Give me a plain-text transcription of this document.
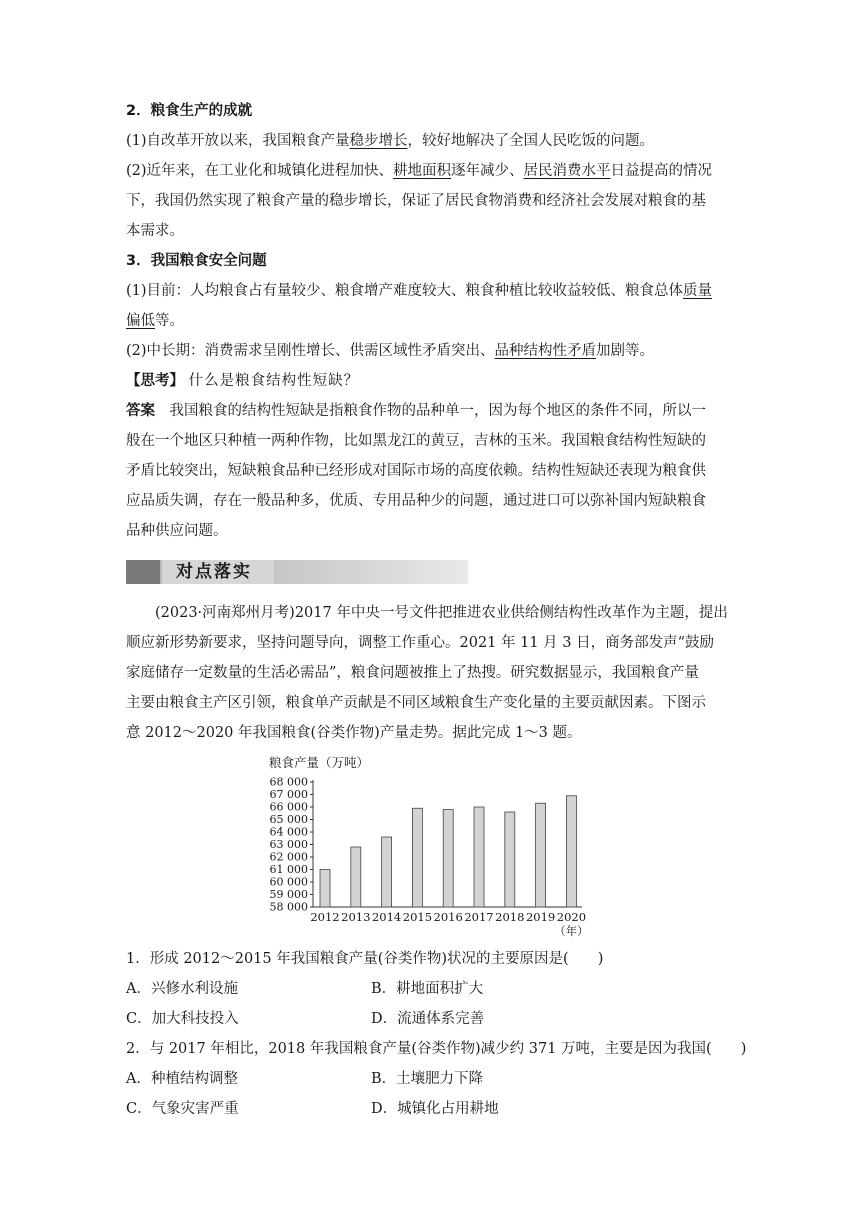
2．粮食生产的成就
(1)自改革开放以来，我国粮食产量稳步增长，较好地解决了全国人民吃饭的问题。
(2)近年来，在工业化和城镇化进程加快、耕地面积逐年减少、居民消费水平日益提高的情况
下，我国仍然实现了粮食产量的稳步增长，保证了居民食物消费和经济社会发展对粮食的基
本需求。
3．我国粮食安全问题
(1)目前：人均粮食占有量较少、粮食增产难度较大、粮食种植比较收益较低、粮食总体质量
偏低等。
(2)中长期：消费需求呈刚性增长、供需区域性矛盾突出、品种结构性矛盾加剧等。
【思考】 什么是粮食结构性短缺？
答案　 我国粮食的结构性短缺是指粮食作物的品种单一，因为每个地区的条件不同，所以一
般在一个地区只种植一两种作物，比如黑龙江的黄豆，吉林的玉米。我国粮食结构性短缺的
矛盾比较突出，短缺粮食品种已经形成对国际市场的高度依赖。结构性短缺还表现为粮食供
应品质失调，存在一般品种多，优质、专用品种少的问题，通过进口可以弥补国内短缺粮食
品种供应问题。
对点落实
(2023·河南郑州月考)2017 年中央一号文件把推进农业供给侧结构性改革作为主题，提出
顺应新形势新要求，坚持问题导向，调整工作重心。2021 年 11 月 3 日，商务部发声“鼓励
家庭储存一定数量的生活必需品”，粮食问题被推上了热搜。研究数据显示，我国粮食产量
主要由粮食主产区引领，粮食单产贡献是不同区域粮食生产变化量的主要贡献因素。下图示
意 2012～2020 年我国粮食(谷类作物)产量走势。据此完成 1～3 题。
粮食产量（万吨）
58 000
59 000
60 000
61 000
62 000
63 000
64 000
65 000
66 000
67 000
68 000
2012 2013 2014 2015 2016 2017 2018 2019 2020
（年）
1．形成 2012～2015 年我国粮食产量(谷类作物)状况的主要原因是(　　)
A．兴修水利设施	B．耕地面积扩大
C．加大科技投入	D．流通体系完善
2．与 2017 年相比，2018 年我国粮食产量(谷类作物)减少约 371 万吨，主要是因为我国(　　)
A．种植结构调整	B．土壤肥力下降
C．气象灾害严重	D．城镇化占用耕地
